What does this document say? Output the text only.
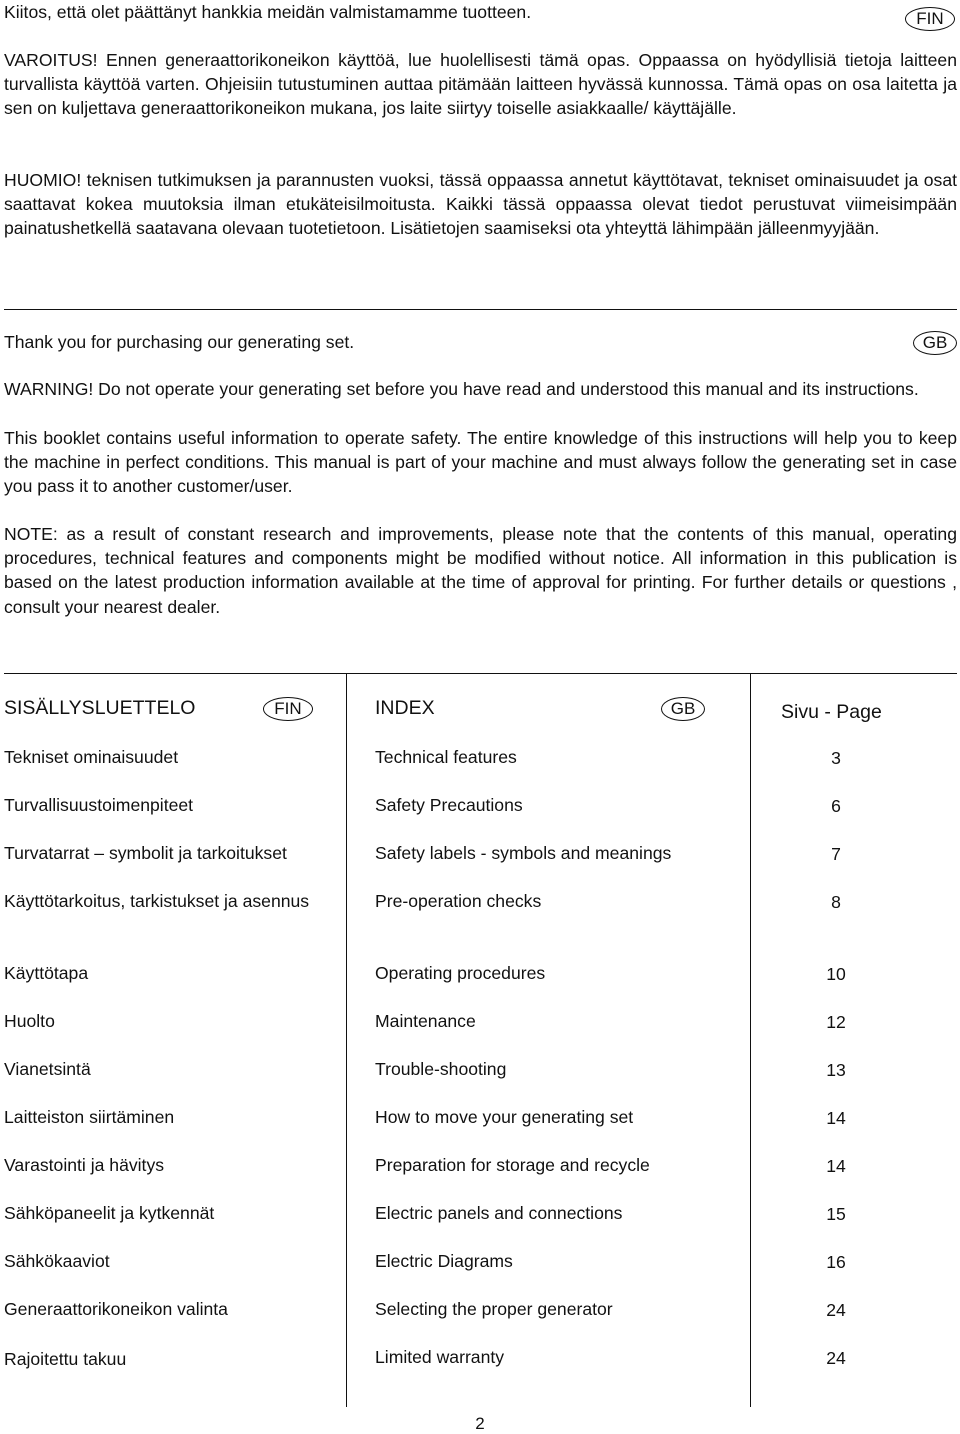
Kiitos, että olet päättänyt hankkia meidän valmistamamme tuotteen.	FIN

VAROITUS! Ennen generaattorikoneikon käyttöä, lue huolellisesti tämä opas. Oppaassa on hyödyllisiä tietoja laitteen turvallista käyttöä varten. Ohjeisiin tutustuminen auttaa pitämään laitteen hyvässä kunnossa. Tämä opas on osa laitetta ja sen on kuljettava generaattorikoneikon mukana, jos laite siirtyy toiselle asiakkaalle/ käyttäjälle.

HUOMIO! teknisen tutkimuksen ja parannusten vuoksi, tässä oppaassa annetut käyttötavat, tekniset ominaisuudet ja osat saattavat kokea muutoksia ilman etukäteisilmoitusta. Kaikki tässä oppaassa olevat tiedot perustuvat viimeisimpään painatushetkellä saatavana olevaan tuotetietoon. Lisätietojen saamiseksi ota yhteyttä lähimpään jälleenmyyjään.

Thank you for purchasing our generating set.	GB

WARNING! Do not operate your generating set before you have read and understood this manual and its instructions.

This booklet contains useful information to operate safety. The entire knowledge of this instructions will help you to keep the machine in perfect conditions. This manual is part of your machine and must always follow the generating set in case you pass it to another customer/user.

NOTE: as a result of constant research and improvements, please note that the contents of this manual, operating procedures, technical features and components might be modified without notice. All information in this publication is based on the latest production information available at the time of approval for printing. For further details or questions , consult your nearest dealer.

SISÄLLYSLUETTELO	FIN	INDEX	GB	Sivu - Page
Tekniset ominaisuudet	Technical features	3
Turvallisuustoimenpiteet	Safety Precautions	6
Turvatarrat – symbolit ja tarkoitukset	Safety labels - symbols and meanings	7
Käyttötarkoitus, tarkistukset ja asennus	Pre-operation checks	8
Käyttötapa	Operating procedures	10
Huolto	Maintenance	12
Vianetsintä	Trouble-shooting	13
Laitteiston siirtäminen	How to move your generating set	14
Varastointi ja hävitys	Preparation for storage and recycle	14
Sähköpaneelit ja kytkennät	Electric panels and connections	15
Sähkökaaviot	Electric Diagrams	16
Generaattorikoneikon valinta	Selecting the proper generator	24
Rajoitettu takuu	Limited warranty	24
2
